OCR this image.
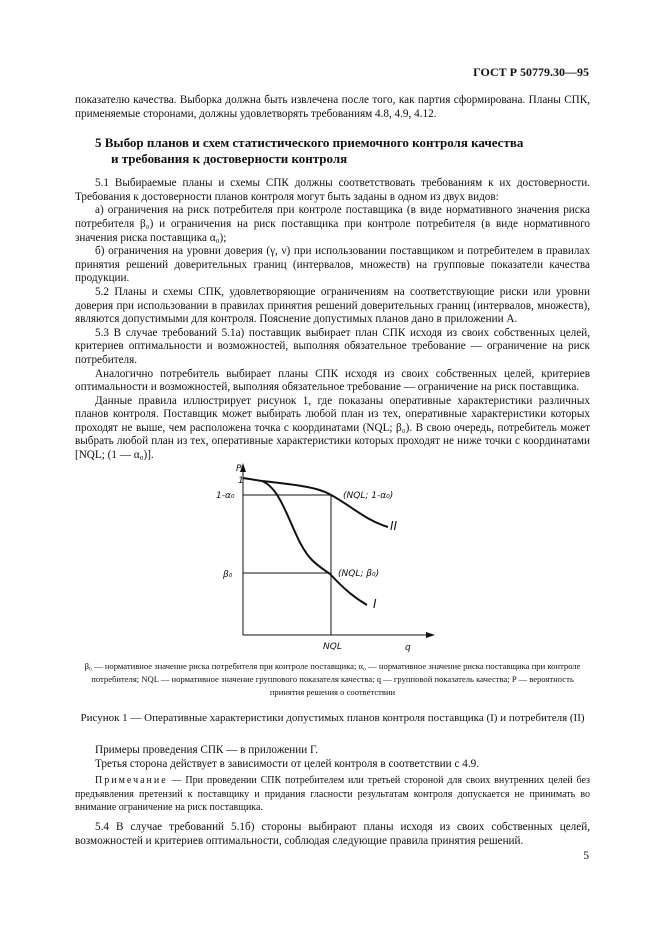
ГОСТ Р 50779.30—95

показателю качества. Выборка должна быть извлечена после того, как партия сформирована. Планы СПК, применяемые сторонами, должны удовлетворять требованиям 4.8, 4.9, 4.12.

5 Выбор планов и схем статистического приемочного контроля качества
и требования к достоверности контроля

5.1 Выбираемые планы и схемы СПК должны соответствовать требованиям к их достоверности. Требования к достоверности планов контроля могут быть заданы в одном из двух видов:

а) ограничения на риск потребителя при контроле поставщика (в виде нормативного значения риска потребителя β₀) и ограничения на риск поставщика при контроле потребителя (в виде нормативного значения риска поставщика α₀);

б) ограничения на уровни доверия (γ, ν) при использовании поставщиком и потребителем в правилах принятия решений доверительных границ (интервалов, множеств) на групповые показатели качества продукции.

5.2 Планы и схемы СПК, удовлетворяющие ограничениям на соответствующие риски или уровни доверия при использовании в правилах принятия решений доверительных границ (интервалов, множеств), являются допустимыми для контроля. Пояснение допустимых планов дано в приложении А.

5.3 В случае требований 5.1а) поставщик выбирает план СПК исходя из своих собственных целей, критериев оптимальности и возможностей, выполняя обязательное требование — ограничение на риск потребителя.

Аналогично потребитель выбирает планы СПК исходя из своих собственных целей, критериев оптимальности и возможностей, выполняя обязательное требование — ограничение на риск поставщика.

Данные правила иллюстрирует рисунок 1, где показаны оперативные характеристики различных планов контроля. Поставщик может выбирать любой план из тех, оперативные характеристики которых проходят не выше, чем расположена точка с координатами (NQL; β₀). В свою очередь, потребитель может выбрать любой план из тех, оперативные характеристики которых проходят не ниже точки с координатами [NQL; (1 — α₀)].

P
1
1-α₀
β₀
NQL	q
(NQL; 1-α₀)
(NQL; β₀)
II
I
β₀ — нормативное значение риска потребителя при контроле поставщика; α₀ — нормативное значение риска поставщика при контроле потребителя; NQL — нормативное значение группового показателя качества; q — групповой показатель качества; P — вероятность принятия решения о соответствии
Рисунок 1 — Оперативные характеристики допустимых планов контроля поставщика (I) и потребителя (II)

Примеры проведения СПК — в приложении Г.

Третья сторона действует в зависимости от целей контроля в соответствии с 4.9.

Примечание — При проведении СПК потребителем или третьей стороной для своих внутренних целей без предъявления претензий к поставщику и придания гласности результатам контроля допускается не принимать во внимание ограничение на риск поставщика.

5.4 В случае требований 5.1б) стороны выбирают планы исходя из своих собственных целей, возможностей и критериев оптимальности, соблюдая следующие правила принятия решений.

5
